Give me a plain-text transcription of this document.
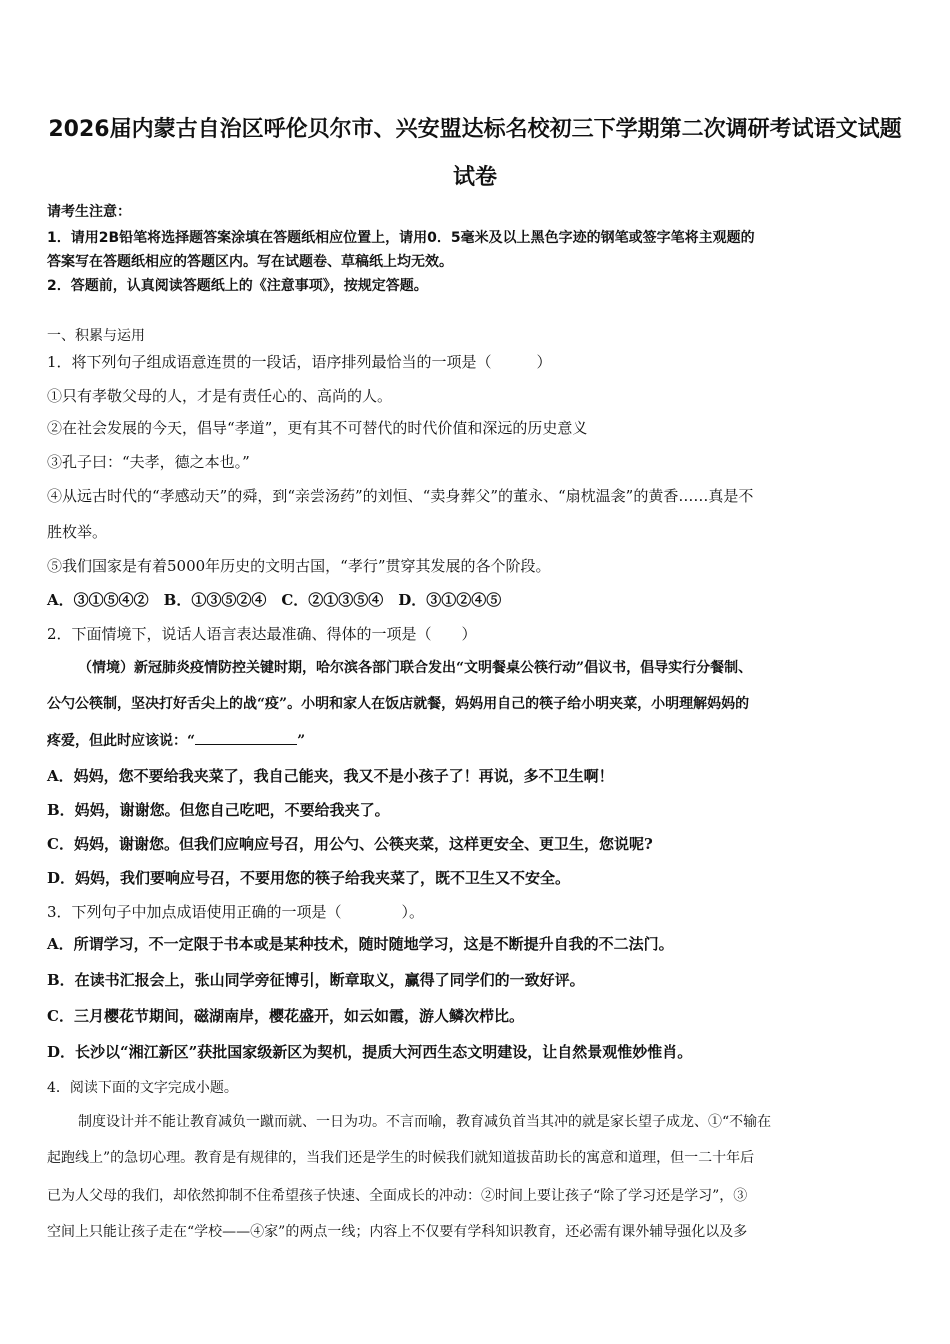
2026届内蒙古自治区呼伦贝尔市、兴安盟达标名校初三下学期第二次调研考试语文试题
试卷
请考生注意：
1．请用2B铅笔将选择题答案涂填在答题纸相应位置上，请用0．5毫米及以上黑色字迹的钢笔或签字笔将主观题的
答案写在答题纸相应的答题区内。写在试题卷、草稿纸上均无效。
2．答题前，认真阅读答题纸上的《注意事项》，按规定答题。
一、积累与运用
1．将下列句子组成语意连贯的一段话，语序排列最恰当的一项是（　　　）
①只有孝敬父母的人，才是有责任心的、高尚的人。
②在社会发展的今天，倡导“孝道”，更有其不可替代的时代价值和深远的历史意义
③孔子曰：“夫孝，德之本也。”
④从远古时代的“孝感动天”的舜，到“亲尝汤药”的刘恒、“卖身葬父”的董永、“扇枕温衾”的黄香……真是不
胜枚举。
⑤我们国家是有着5000年历史的文明古国，“孝行”贯穿其发展的各个阶段。
A．③①⑤④②　B．①③⑤②④　C．②①③⑤④　D．③①②④⑤
2．下面情境下，说话人语言表达最准确、得体的一项是（　　）
（情境）新冠肺炎疫情防控关键时期，哈尔滨各部门联合发出“文明餐桌公筷行动”倡议书，倡导实行分餐制、
公勺公筷制，坚决打好舌尖上的战“疫”。小明和家人在饭店就餐，妈妈用自己的筷子给小明夹菜，小明理解妈妈的
疼爱，但此时应该说：“	”
A．妈妈，您不要给我夹菜了，我自己能夹，我又不是小孩子了！再说，多不卫生啊！
B．妈妈，谢谢您。但您自己吃吧，不要给我夹了。
C．妈妈，谢谢您。但我们应响应号召，用公勺、公筷夹菜，这样更安全、更卫生，您说呢?
D．妈妈，我们要响应号召，不要用您的筷子给我夹菜了，既不卫生又不安全。
3．下列句子中加点成语使用正确的一项是（　　　　）。
A．所谓学习，不一定限于书本或是某种技术，随时随地学习，这是不断提升自我的不二法门。
B．在读书汇报会上，张山同学旁征博引，断章取义，赢得了同学们的一致好评。
C．三月樱花节期间，磁湖南岸，樱花盛开，如云如霞，游人鳞次栉比。
D．长沙以“湘江新区”获批国家级新区为契机，提质大河西生态文明建设，让自然景观惟妙惟肖。
4．阅读下面的文字完成小题。
制度设计并不能让教育减负一蹴而就、一日为功。不言而喻，教育减负首当其冲的就是家长望子成龙、①“不输在
起跑线上”的急切心理。教育是有规律的，当我们还是学生的时候我们就知道拔苗助长的寓意和道理，但一二十年后
已为人父母的我们，却依然抑制不住希望孩子快速、全面成长的冲动：②时间上要让孩子“除了学习还是学习”，③
空间上只能让孩子走在“学校——④家”的两点一线；内容上不仅要有学科知识教育，还必需有课外辅导强化以及多
